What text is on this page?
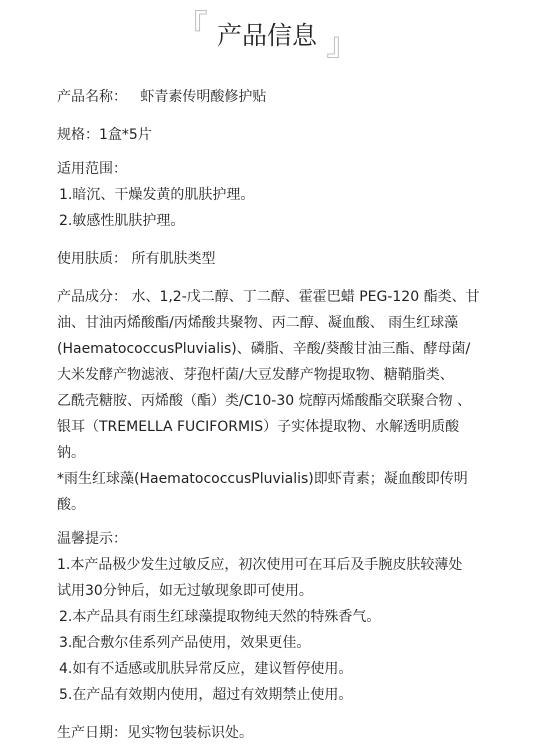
『 产品信息 』
产品名称： 虾青素传明酸修护贴
规格：1盒*5片
适用范围：
1.暗沉、干燥发黄的肌肤护理。
2.敏感性肌肤护理。
使用肤质： 所有肌肤类型
产品成分： 水、1,2-戊二醇、丁二醇、霍霍巴蜡 PEG-120 酯类、甘
油、甘油丙烯酸酯/丙烯酸共聚物、丙二醇、凝血酸、 雨生红球藻
(HaematococcusPluvialis)、磷脂、辛酸/葵酸甘油三酯、酵母菌/
大米发酵产物滤液、芽孢杆菌/大豆发酵产物提取物、糖鞘脂类、
乙酰壳糖胺、丙烯酸（酯）类/C10-30 烷醇丙烯酸酯交联聚合物 、
银耳（TREMELLA FUCIFORMIS）子实体提取物、水解透明质酸
钠。
*雨生红球藻(HaematococcusPluvialis)即虾青素；凝血酸即传明
酸。
温馨提示：
1.本产品极少发生过敏反应，初次使用可在耳后及手腕皮肤较薄处
试用30分钟后，如无过敏现象即可使用。
2.本产品具有雨生红球藻提取物纯天然的特殊香气。
3.配合敷尔佳系列产品使用，效果更佳。
4.如有不适感或肌肤异常反应，建议暂停使用。
5.在产品有效期内使用，超过有效期禁止使用。
生产日期：见实物包装标识处。
